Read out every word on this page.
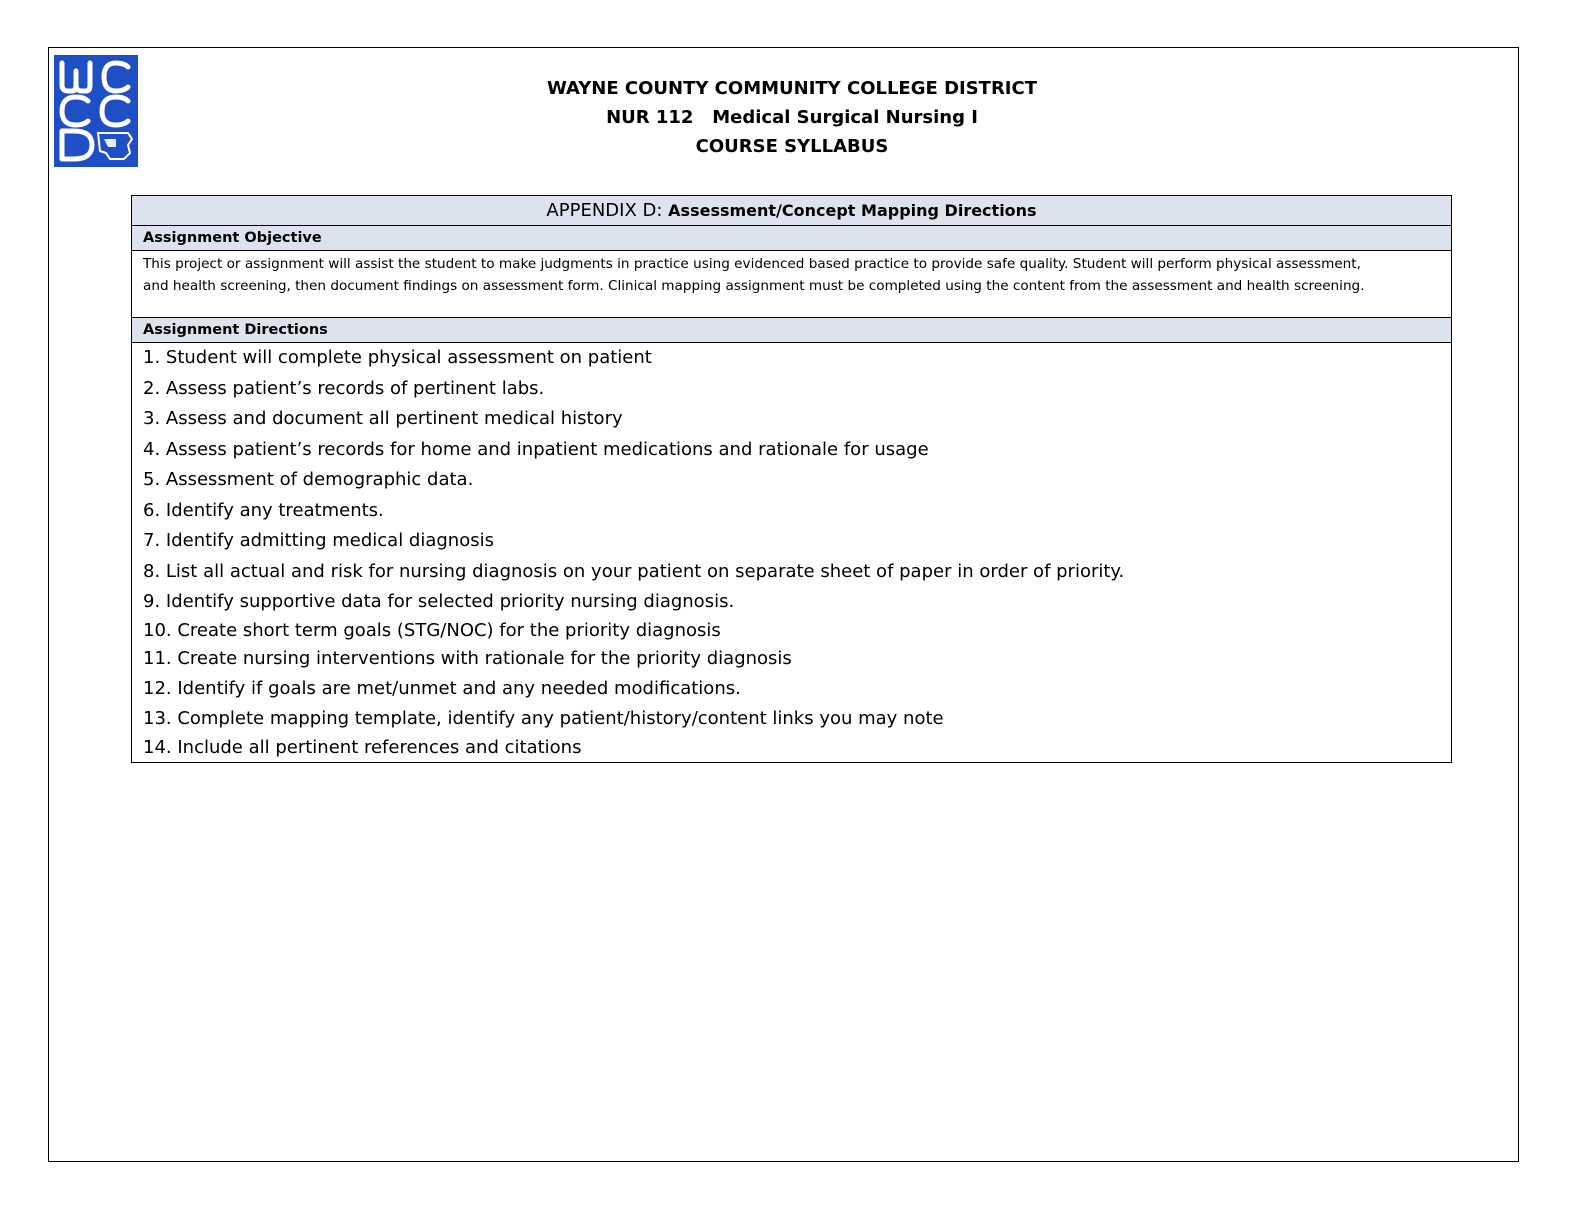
WAYNE COUNTY COMMUNITY COLLEGE DISTRICT
NUR 112   Medical Surgical Nursing I
COURSE SYLLABUS
APPENDIX D: Assessment/Concept Mapping Directions
Assignment Objective
This project or assignment will assist the student to make judgments in practice using evidenced based practice to provide safe quality. Student will perform physical assessment,
and health screening, then document findings on assessment form. Clinical mapping assignment must be completed using the content from the assessment and health screening.
Assignment Directions
1. Student will complete physical assessment on patient
2. Assess patient’s records of pertinent labs.
3. Assess and document all pertinent medical history
4. Assess patient’s records for home and inpatient medications and rationale for usage
5. Assessment of demographic data.
6. Identify any treatments.
7. Identify admitting medical diagnosis
8. List all actual and risk for nursing diagnosis on your patient on separate sheet of paper in order of priority.
9. Identify supportive data for selected priority nursing diagnosis.
10. Create short term goals (STG/NOC) for the priority diagnosis
11. Create nursing interventions with rationale for the priority diagnosis
12. Identify if goals are met/unmet and any needed modifications.
13. Complete mapping template, identify any patient/history/content links you may note
14. Include all pertinent references and citations
